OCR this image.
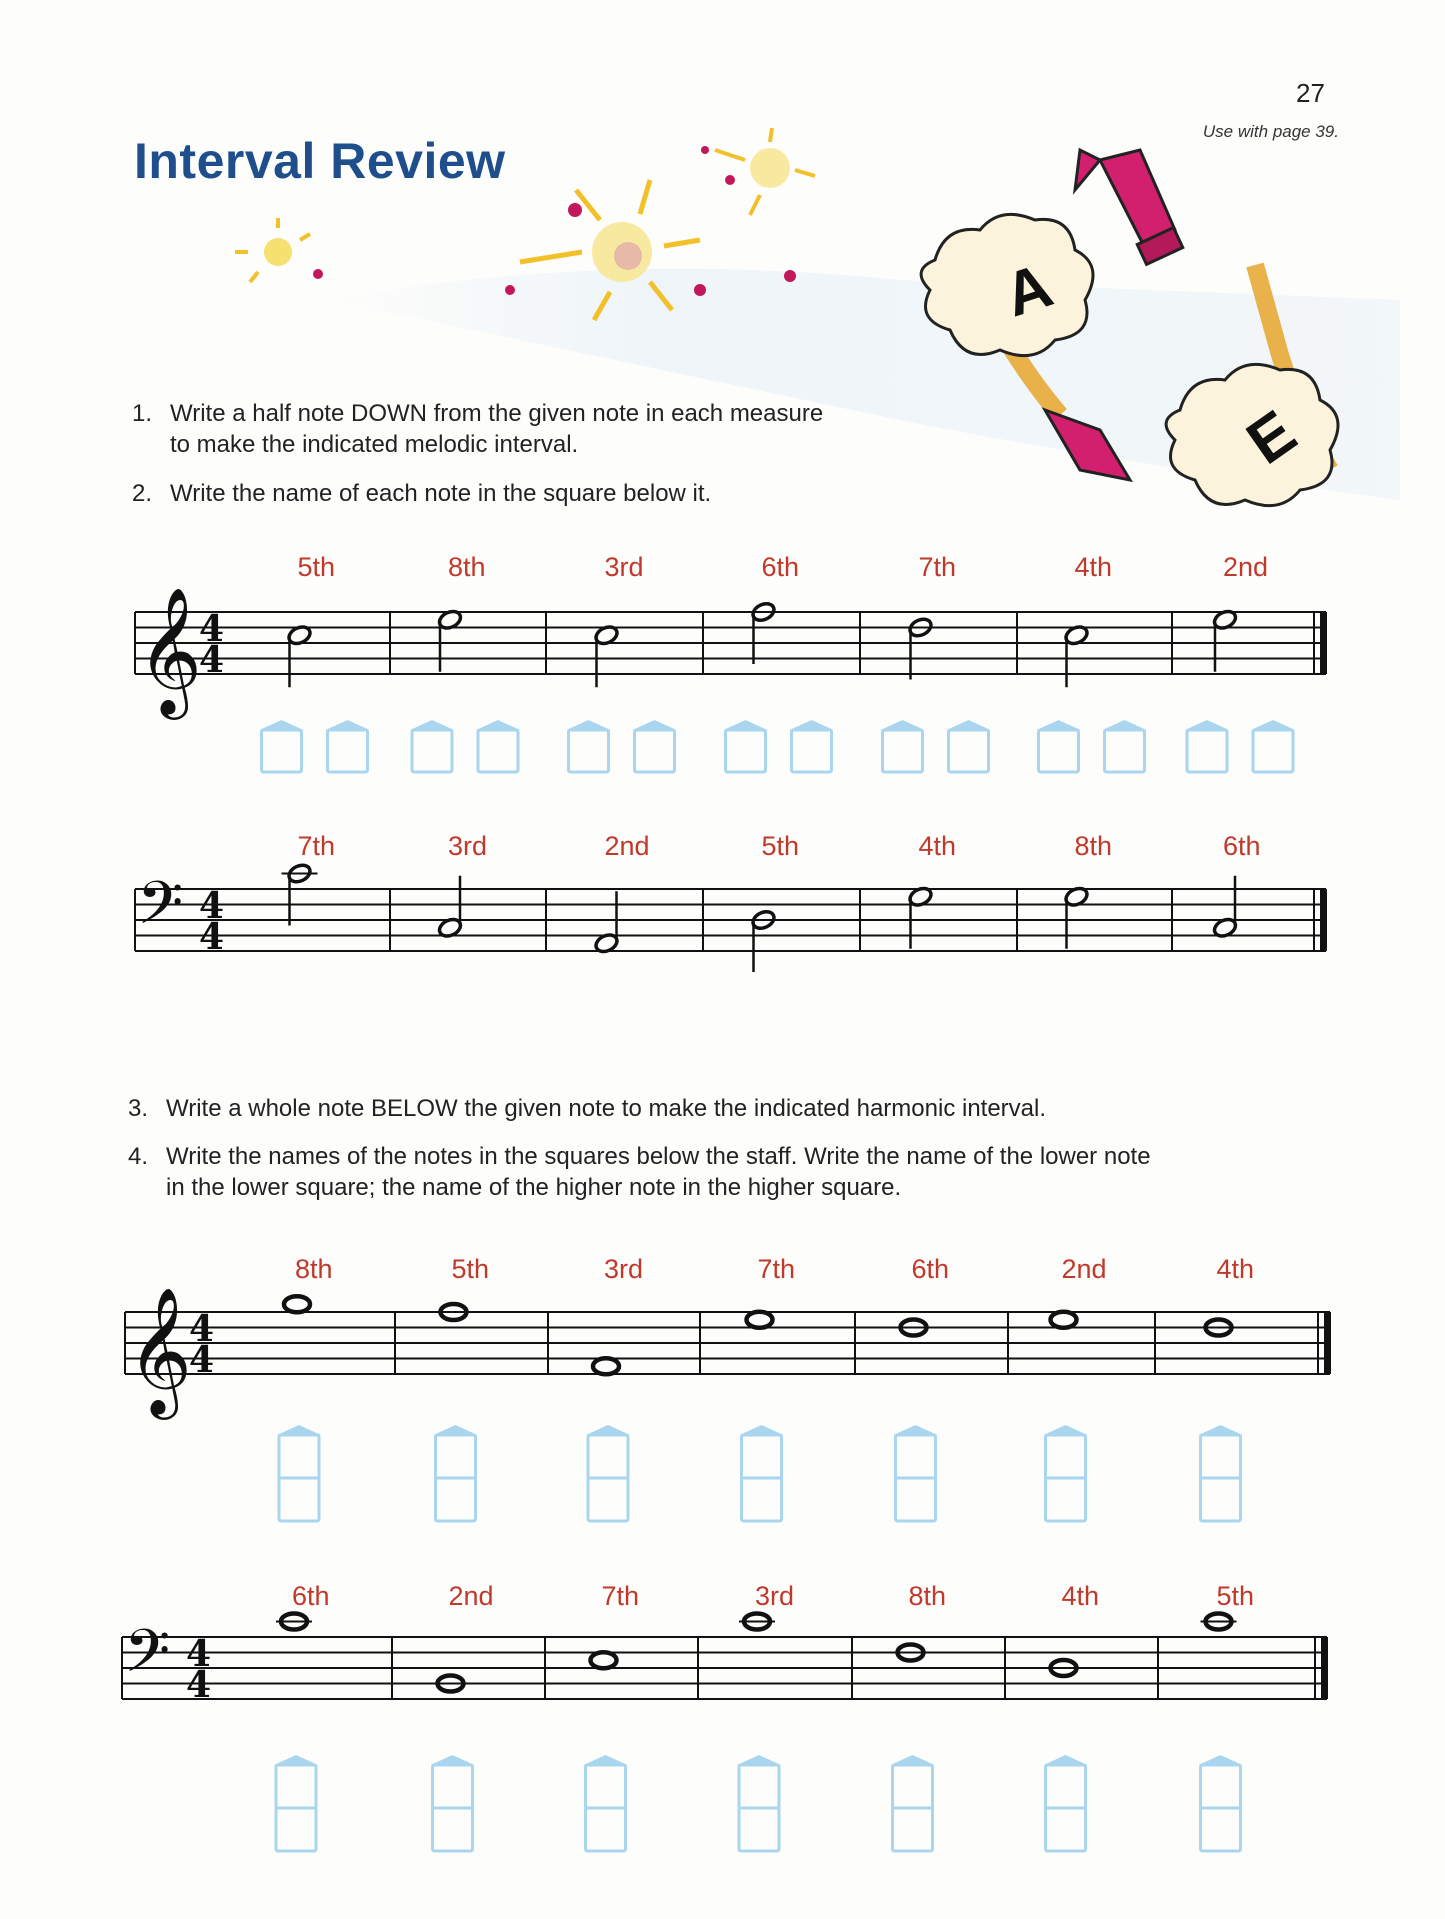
27
Use with page 39.
Interval Review
A
E
1. Write a half note DOWN from the given note in each measure
to make the indicated melodic interval.
2. Write the name of each note in the square below it.
3. Write a whole note BELOW the given note to make the indicated harmonic interval.
4. Write the names of the notes in the squares below the staff. Write the name of the lower note
in the lower square; the name of the higher note in the higher square.
𝄞
4
4
5th	8th	3rd	6th	7th	4th	2nd
𝄢 4
4
7th	3rd	2nd	5th	4th	8th	6th
𝄞
4
4
8th	5th	3rd	7th	6th	2nd	4th
𝄢 4
4
6th	2nd	7th	3rd	8th	4th	5th
